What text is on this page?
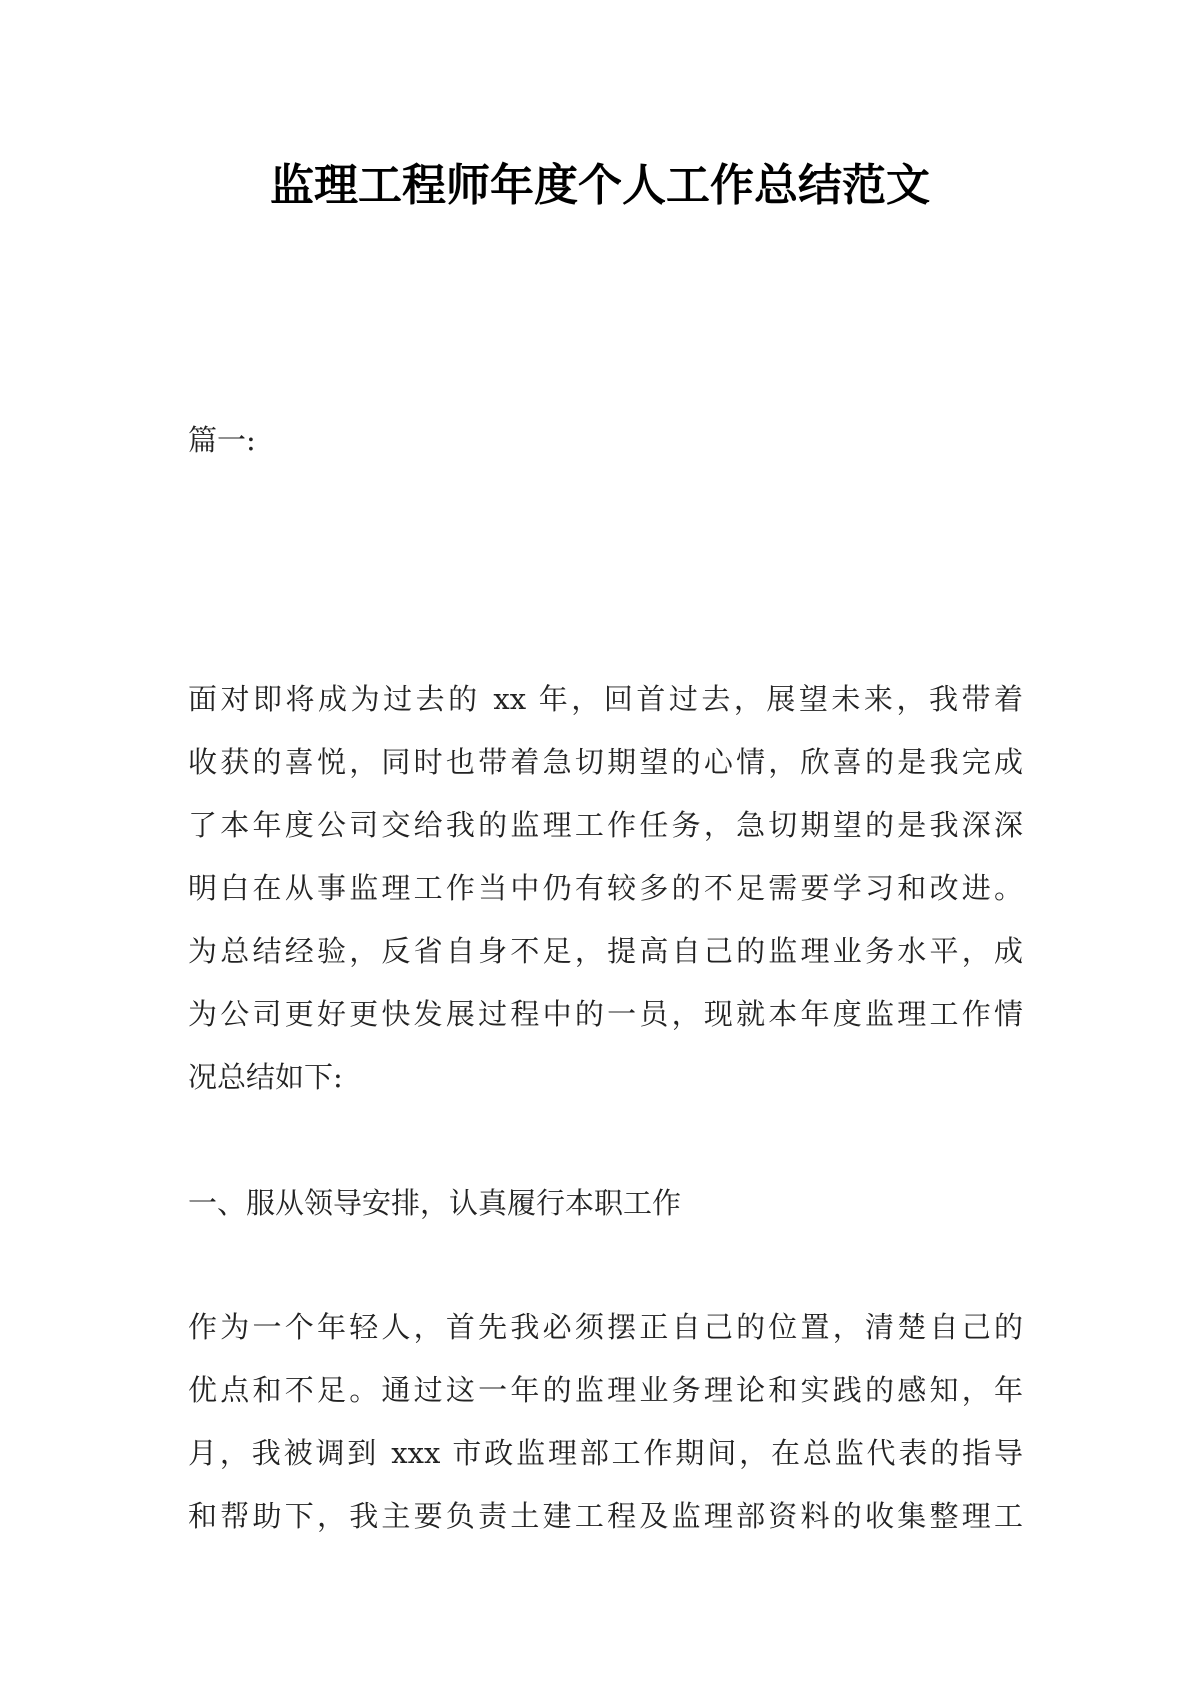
监理工程师年度个人工作总结范文
篇一:
面对即将成为过去的 xx 年，回首过去，展望未来，我带着
收获的喜悦，同时也带着急切期望的心情，欣喜的是我完成
了本年度公司交给我的监理工作任务，急切期望的是我深深
明白在从事监理工作当中仍有较多的不足需要学习和改进。
为总结经验，反省自身不足，提高自己的监理业务水平，成
为公司更好更快发展过程中的一员，现就本年度监理工作情
况总结如下:
一、服从领导安排，认真履行本职工作
作为一个年轻人，首先我必须摆正自己的位置，清楚自己的
优点和不足。通过这一年的监理业务理论和实践的感知，年
月，我被调到 xxx 市政监理部工作期间，在总监代表的指导
和帮助下，我主要负责土建工程及监理部资料的收集整理工
